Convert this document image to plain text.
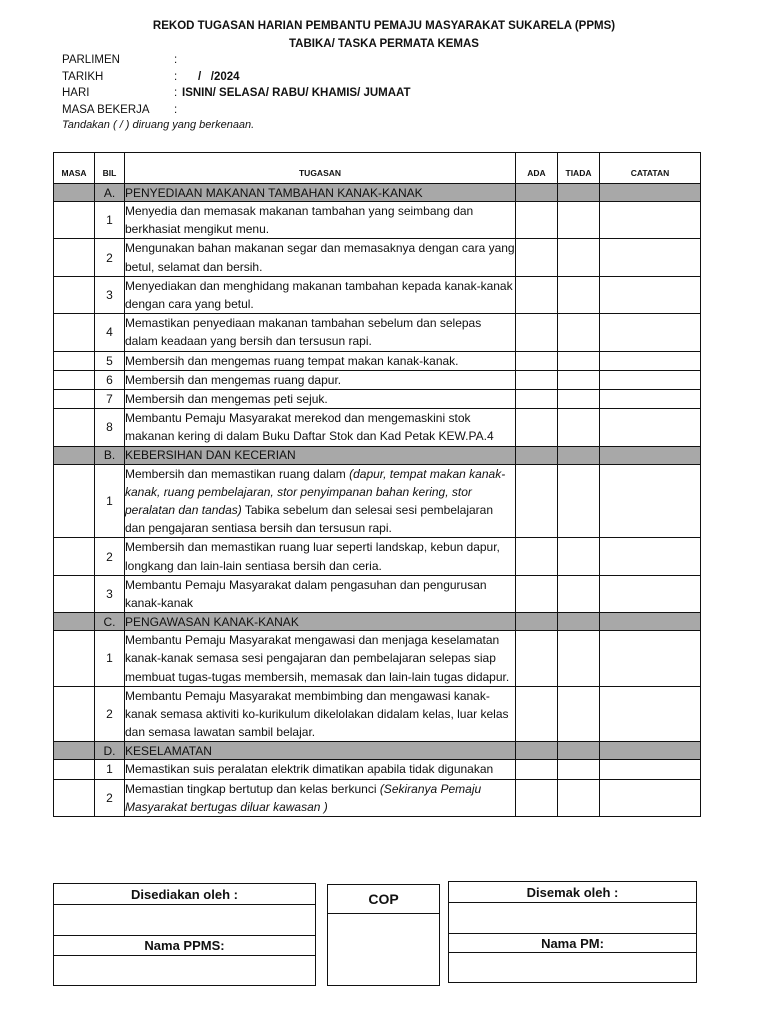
REKOD TUGASAN HARIAN PEMBANTU PEMAJU MASYARAKAT SUKARELA (PPMS)
TABIKA/ TASKA PERMATA KEMAS
PARLIMEN	:
TARIKH	:	/   /2024
HARI	: ISNIN/ SELASA/ RABU/ KHAMIS/ JUMAAT
MASA BEKERJA	:
Tandakan ( / ) diruang yang berkenaan.
MASA	BIL	TUGASAN	ADA	TIADA	CATATAN
	A.	PENYEDIAAN MAKANAN TAMBAHAN KANAK-KANAK			
	1	Menyedia dan memasak makanan tambahan yang seimbang dan berkhasiat mengikut menu.			
	2	Mengunakan bahan makanan segar dan memasaknya dengan cara yang betul, selamat dan bersih.			
	3	Menyediakan dan menghidang makanan tambahan kepada kanak-kanak dengan cara yang betul.			
	4	Memastikan penyediaan makanan tambahan sebelum dan selepas dalam keadaan yang bersih dan tersusun rapi.			
	5	Membersih dan mengemas ruang tempat makan kanak-kanak.			
	6	Membersih dan mengemas ruang dapur.			
	7	Membersih dan mengemas peti sejuk.			
	8	Membantu Pemaju Masyarakat merekod dan mengemaskini stok makanan kering di dalam Buku Daftar Stok dan Kad Petak KEW.PA.4			
	B.	KEBERSIHAN DAN KECERIAN			
	1	Membersih dan memastikan ruang dalam (dapur, tempat makan kanak-kanak, ruang pembelajaran, stor penyimpanan bahan kering, stor peralatan dan tandas) Tabika sebelum dan selesai sesi pembelajaran dan pengajaran sentiasa bersih dan tersusun rapi.			
	2	Membersih dan memastikan ruang luar seperti landskap, kebun dapur, longkang dan lain-lain sentiasa bersih dan ceria.			
	3	Membantu Pemaju Masyarakat dalam pengasuhan dan pengurusan kanak-kanak			
	C.	PENGAWASAN KANAK-KANAK			
	1	Membantu Pemaju Masyarakat mengawasi dan menjaga keselamatan kanak-kanak semasa sesi pengajaran dan pembelajaran selepas siap membuat tugas-tugas membersih, memasak dan lain-lain tugas didapur.			
	2	Membantu Pemaju Masyarakat membimbing dan mengawasi kanak-kanak semasa aktiviti ko-kurikulum dikelolakan didalam kelas, luar kelas dan semasa lawatan sambil belajar.			
	D.	KESELAMATAN			
	1	Memastikan suis peralatan elektrik dimatikan apabila tidak digunakan			
	2	Memastian tingkap bertutup dan kelas berkunci (Sekiranya Pemaju Masyarakat bertugas diluar kawasan )			
Disediakan oleh :
Nama PPMS:
COP	Disemak oleh :
Nama PM:
